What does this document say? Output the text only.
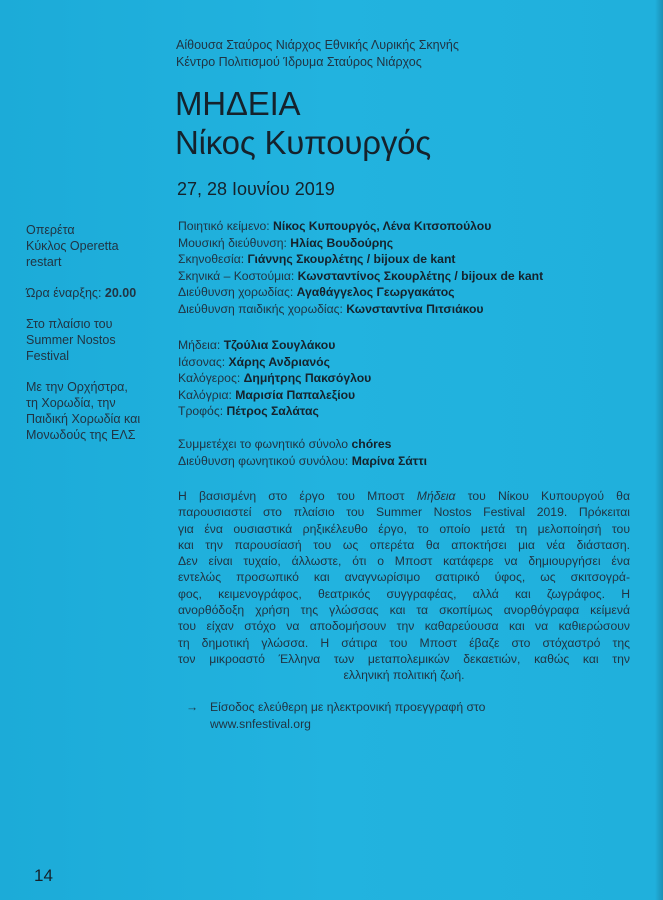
Αίθουσα Σταύρος Νιάρχος Εθνικής Λυρικής Σκηνής
Κέντρο Πολιτισμού Ίδρυμα Σταύρος Νιάρχος
ΜΗΔΕΙΑ
Νίκος Κυπουργός
27, 28 Ιουνίου 2019
Οπερέτα
Κύκλος Operetta
restart
Ώρα έναρξης: 20.00
Στο πλαίσιο του
Summer Nostos
Festival
Με την Ορχήστρα,
τη Χορωδία, την
Παιδική Χορωδία και
Μονωδούς της ΕΛΣ
Ποιητικό κείμενο: Νίκος Κυπουργός, Λένα Κιτσοπούλου
Μουσική διεύθυνση: Ηλίας Βουδούρης
Σκηνοθεσία: Γιάννης Σκουρλέτης / bijoux de kant
Σκηνικά – Κοστούμια: Κωνσταντίνος Σκουρλέτης / bijoux de kant
Διεύθυνση χορωδίας: Αγαθάγγελος Γεωργακάτος
Διεύθυνση παιδικής χορωδίας: Κωνσταντίνα Πιτσιάκου
Μήδεια: Τζούλια Σουγλάκου
Ιάσονας: Χάρης Ανδριανός
Καλόγερος: Δημήτρης Πακσόγλου
Καλόγρια: Μαρισία Παπαλεξίου
Τροφός: Πέτρος Σαλάτας
Συμμετέχει το φωνητικό σύνολο chóres
Διεύθυνση φωνητικού συνόλου: Μαρίνα Σάττι
Η βασισμένη στο έργο του Μποστ Μήδεια του Νίκου Κυπουργού θα
παρουσιαστεί στο πλαίσιο του Summer Nostos Festival 2019. Πρόκειται
για ένα ουσιαστικά ρηξικέλευθο έργο, το οποίο μετά τη μελοποίησή του
και την παρουσίασή του ως οπερέτα θα αποκτήσει μια νέα διάσταση.
Δεν είναι τυχαίο, άλλωστε, ότι ο Μποστ κατάφερε να δημιουργήσει ένα
εντελώς προσωπικό και αναγνωρίσιμο σατιρικό ύφος, ως σκιτσογρά-
φος, κειμενογράφος, θεατρικός συγγραφέας, αλλά και ζωγράφος. Η
ανορθόδοξη χρήση της γλώσσας και τα σκοπίμως ανορθόγραφα κείμενά
του είχαν στόχο να αποδομήσουν την καθαρεύουσα και να καθιερώσουν
τη δημοτική γλώσσα. Η σάτιρα του Μποστ έβαζε στο στόχαστρό της
τον μικροαστό Έλληνα των μεταπολεμικών δεκαετιών, καθώς και την
ελληνική πολιτική ζωή.
→ Είσοδος ελεύθερη με ηλεκτρονική προεγγραφή στο
www.snfestival.org
14
